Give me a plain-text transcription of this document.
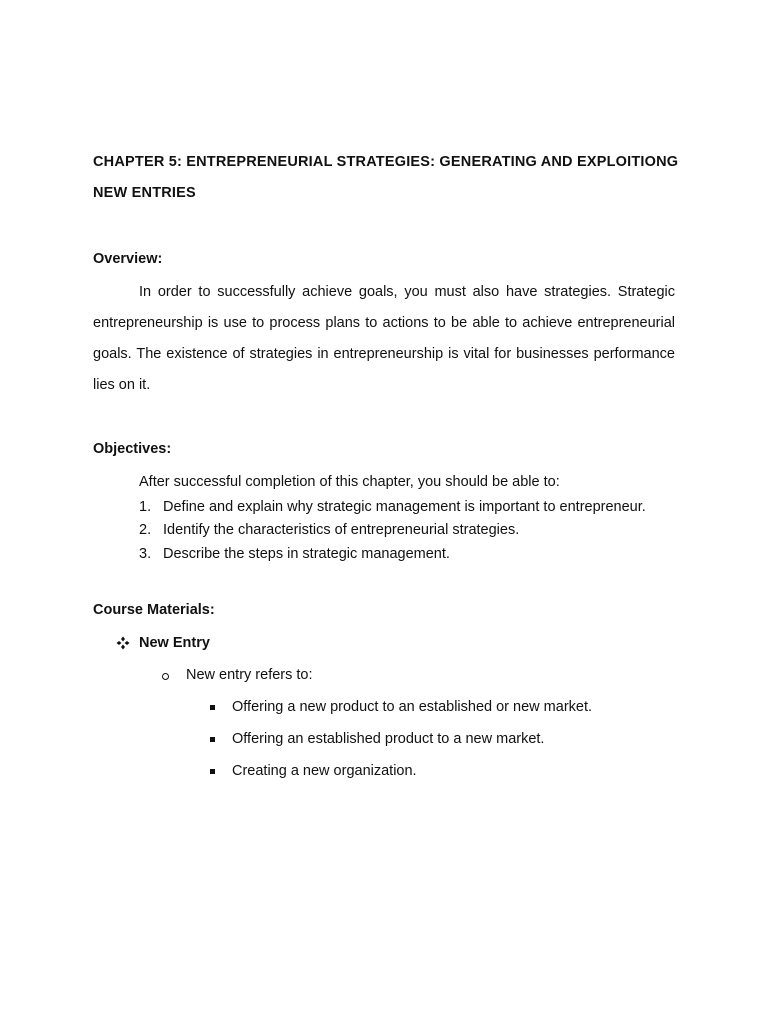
CHAPTER 5: ENTREPRENEURIAL STRATEGIES: GENERATING AND EXPLOITIONG
NEW ENTRIES
Overview:
In order to successfully achieve goals, you must also have strategies. Strategic
entrepreneurship is use to process plans to actions to be able to achieve entrepreneurial
goals. The existence of strategies in entrepreneurship is vital for businesses performance
lies on it.
Objectives:
After successful completion of this chapter, you should be able to:
1. Define and explain why strategic management is important to entrepreneur.
2. Identify the characteristics of entrepreneurial strategies.
3. Describe the steps in strategic management.
Course Materials:
New Entry
New entry refers to:
Offering a new product to an established or new market.
Offering an established product to a new market.
Creating a new organization.
